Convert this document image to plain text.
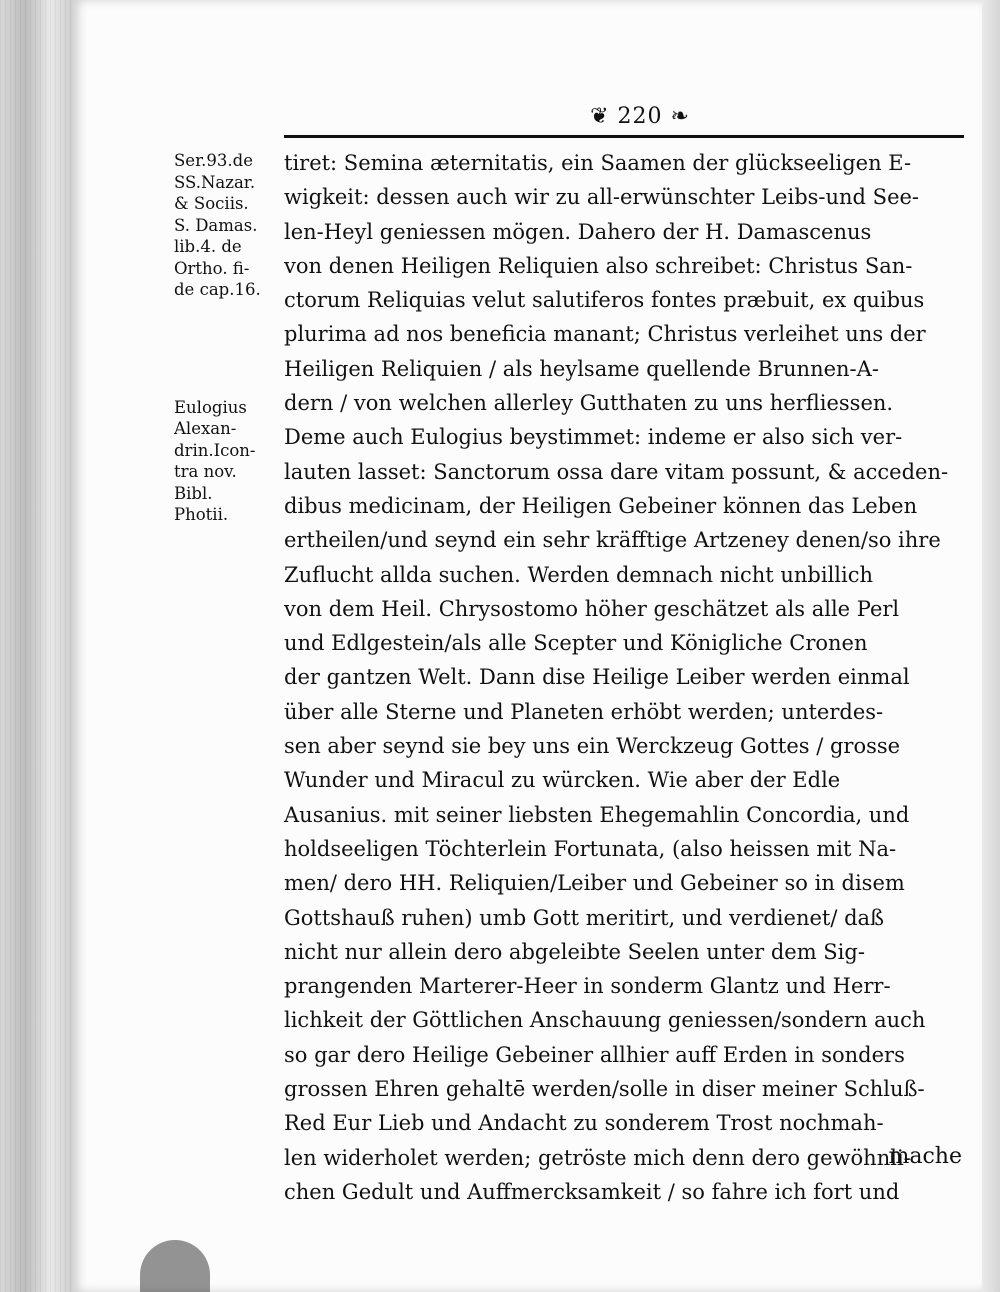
❦ 220 ❧

Ser.93.de

SS.Nazar.

& Sociis.

S. Damas.

lib.4. de

Ortho. fi-

de cap.16.

Eulogius

Alexan-

drin.Icon-

tra nov.

Bibl.

Photii.

tiret: Semina æternitatis, ein Saamen der glückseeligen E-
wigkeit: dessen auch wir zu all-erwünschter Leibs-und See-
len-Heyl geniessen mögen. Dahero der H. Damascenus
von denen Heiligen Reliquien also schreibet: Christus San-
ctorum Reliquias velut salutiferos fontes præbuit, ex quibus
plurima ad nos beneficia manant; Christus verleihet uns der
Heiligen Reliquien / als heylsame quellende Brunnen-A-
dern / von welchen allerley Gutthaten zu uns herfliessen.
Deme auch Eulogius beystimmet: indeme er also sich ver-
lauten lasset: Sanctorum ossa dare vitam possunt, & acceden-
dibus medicinam, der Heiligen Gebeiner können das Leben
ertheilen/und seynd ein sehr kräfftige Artzeney denen/so ihre
Zuflucht allda suchen. Werden demnach nicht unbillich
von dem Heil. Chrysostomo höher geschätzet als alle Perl
und Edlgestein/als alle Scepter und Königliche Cronen
der gantzen Welt. Dann dise Heilige Leiber werden einmal
über alle Sterne und Planeten erhöbt werden; unterdes-
sen aber seynd sie bey uns ein Werckzeug Gottes / grosse
Wunder und Miracul zu würcken. Wie aber der Edle
Ausanius. mit seiner liebsten Ehegemahlin Concordia, und
holdseeligen Töchterlein Fortunata, (also heissen mit Na-
men/ dero HH. Reliquien/Leiber und Gebeiner so in disem
Gottshauß ruhen) umb Gott meritirt, und verdienet/ daß
nicht nur allein dero abgeleibte Seelen unter dem Sig-
prangenden Marterer-Heer in sonderm Glantz und Herr-
lichkeit der Göttlichen Anschauung geniessen/sondern auch
so gar dero Heilige Gebeiner allhier auff Erden in sonders
grossen Ehren gehaltē werden/solle in diser meiner Schluß-
Red Eur Lieb und Andacht zu sonderem Trost nochmah-
len widerholet werden; getröste mich denn dero gewöhnli-
chen Gedult und Auffmercksamkeit / so fahre ich fort und
mache
